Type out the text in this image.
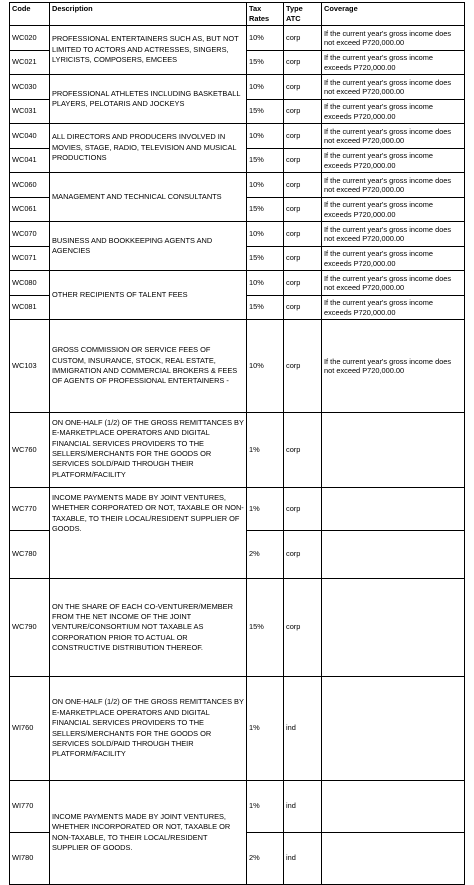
Code	Description	Tax Rates	Type ATC	Coverage
WC020	PROFESSIONAL ENTERTAINERS SUCH AS, BUT NOT LIMITED TO ACTORS AND ACTRESSES, SINGERS, LYRICISTS, COMPOSERS, EMCEES	10%	corp	If the current year's gross income does not exceed P720,000.00
WC021		15%	corp	If the current year's gross income exceeds P720,000.00
WC030	PROFESSIONAL ATHLETES INCLUDING BASKETBALL PLAYERS, PELOTARIS AND JOCKEYS	10%	corp	If the current year's gross income does not exceed P720,000.00
WC031		15%	corp	If the current year's gross income exceeds P720,000.00
WC040	ALL DIRECTORS AND PRODUCERS INVOLVED IN MOVIES, STAGE, RADIO, TELEVISION AND MUSICAL PRODUCTIONS	10%	corp	If the current year's gross income does not exceed P720,000.00
WC041		15%	corp	If the current year's gross income exceeds P720,000.00
WC060	MANAGEMENT AND TECHNICAL CONSULTANTS	10%	corp	If the current year's gross income does not exceed P720,000.00
WC061		15%	corp	If the current year's gross income exceeds P720,000.00
WC070	BUSINESS AND BOOKKEEPING AGENTS AND AGENCIES	10%	corp	If the current year's gross income does not exceed P720,000.00
WC071		15%	corp	If the current year's gross income exceeds P720,000.00
WC080	OTHER RECIPIENTS OF TALENT FEES	10%	corp	If the current year's gross income does not exceed P720,000.00
WC081		15%	corp	If the current year's gross income exceeds P720,000.00
WC103	GROSS COMMISSION OR SERVICE FEES OF CUSTOM, INSURANCE, STOCK, REAL ESTATE, IMMIGRATION AND COMMERCIAL BROKERS & FEES OF AGENTS OF PROFESSIONAL ENTERTAINERS -	10%	corp	If the current year's gross income does not exceed P720,000.00
WC760	ON ONE-HALF (1/2) OF THE GROSS REMITTANCES BY E-MARKETPLACE OPERATORS AND DIGITAL FINANCIAL SERVICES PROVIDERS TO THE SELLERS/MERCHANTS FOR THE GOODS OR SERVICES SOLD/PAID THROUGH THEIR PLATFORM/FACILITY	1%	corp	
WC770	INCOME PAYMENTS MADE BY JOINT VENTURES, WHETHER CORPORATED OR NOT, TAXABLE OR NON-TAXABLE, TO THEIR LOCAL/RESIDENT SUPPLIER OF GOODS.	1%	corp	
WC780		2%	corp	
WC790	ON THE SHARE OF EACH CO-VENTURER/MEMBER FROM THE NET INCOME OF THE JOINT VENTURE/CONSORTIUM NOT TAXABLE AS CORPORATION PRIOR TO ACTUAL OR CONSTRUCTIVE DISTRIBUTION THEREOF.	15%	corp	
WI760	ON ONE-HALF (1/2) OF THE GROSS REMITTANCES BY E-MARKETPLACE OPERATORS AND DIGITAL FINANCIAL SERVICES PROVIDERS TO THE SELLERS/MERCHANTS FOR THE GOODS OR SERVICES SOLD/PAID THROUGH THEIR PLATFORM/FACILITY	1%	ind	
WI770	INCOME PAYMENTS MADE BY JOINT VENTURES, WHETHER INCORPORATED OR NOT, TAXABLE OR NON-TAXABLE, TO THEIR LOCAL/RESIDENT SUPPLIER OF GOODS.	1%	ind	
WI780		2%	ind	
